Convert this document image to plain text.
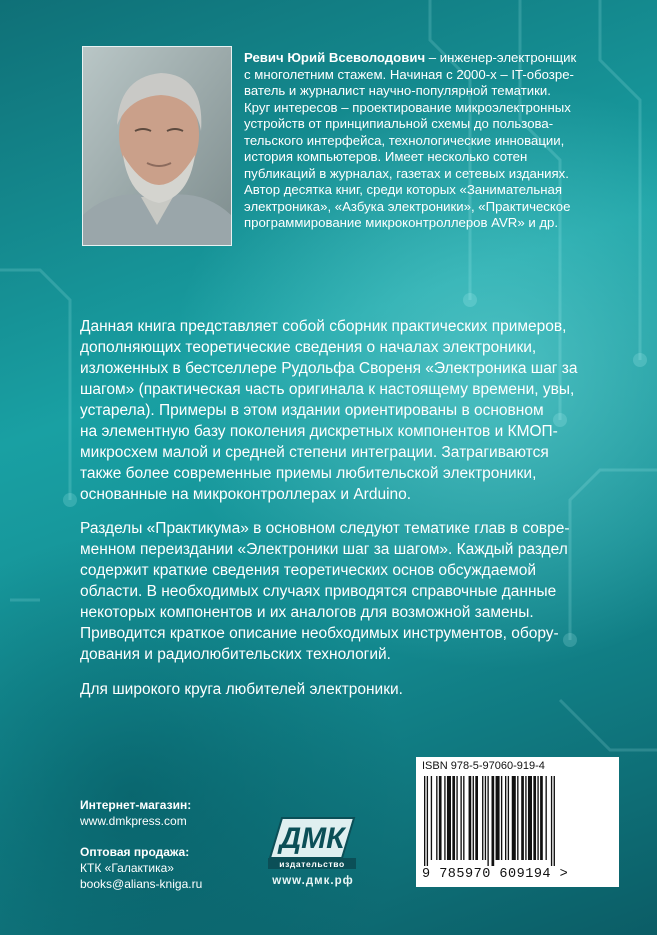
Ревич Юрий Всеволодович – инженер-электронщик
с многолетним стажем. Начиная с 2000-х – IT-обозре-
ватель и журналист научно-популярной тематики.
Круг интересов – проектирование микроэлектронных
устройств от принципиальной схемы до пользова-
тельского интерфейса, технологические инновации,
история компьютеров. Имеет несколько сотен
публикаций в журналах, газетах и сетевых изданиях.
Автор десятка книг, среди которых «Занимательная
электроника», «Азбука электроники», «Практическое
программирование микроконтроллеров AVR» и др.
Данная книга представляет собой сборник практических примеров,
дополняющих теоретические сведения о началах электроники,
изложенных в бестселлере Рудольфа Свореня «Электроника шаг за
шагом» (практическая часть оригинала к настоящему времени, увы,
устарела). Примеры в этом издании ориентированы в основном
на элементную базу поколения дискретных компонентов и КМОП-
микросхем малой и средней степени интеграции. Затрагиваются
также более современные приемы любительской электроники,
основанные на микроконтроллерах и Arduino.
Разделы «Практикума» в основном следуют тематике глав в совре-
менном переиздании «Электроники шаг за шагом». Каждый раздел
содержит краткие сведения теоретических основ обсуждаемой
области. В необходимых случаях приводятся справочные данные
некоторых компонентов и их аналогов для возможной замены.
Приводится краткое описание необходимых инструментов, обору-
дования и радиолюбительских технологий.
Для широкого круга любителей электроники.
Интернет-магазин:
www.dmkpress.com
Оптовая продажа:
КТК «Галактика»
books@alians-kniga.ru
ДМК
издательство
www.дмк.рф
ISBN 978-5-97060-919-4
9 785970 609194 >
